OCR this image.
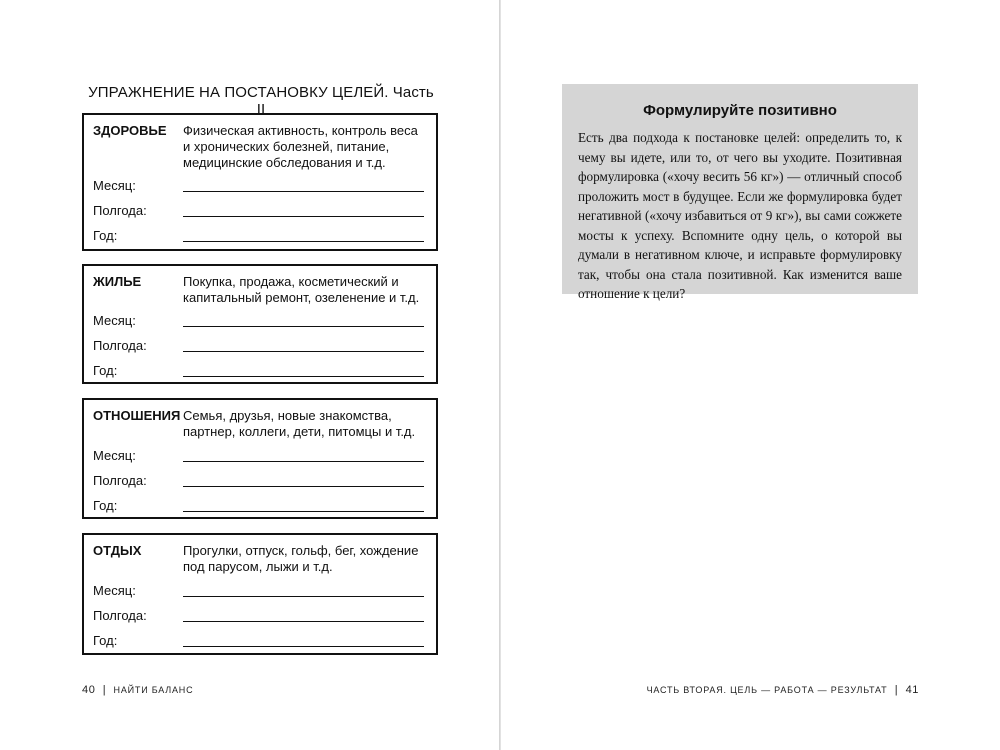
УПРАЖНЕНИЕ НА ПОСТАНОВКУ ЦЕЛЕЙ. Часть II
ЗДОРОВЬЕ Физическая активность, контроль веса и хронических болезней, питание, медицинские обследования и т.д.
Месяц:
Полгода:
Год:
ЖИЛЬЕ	Покупка, продажа, косметический и капитальный ремонт, озеленение и т.д.
Месяц:
Полгода:
Год:
ОТНОШЕНИЯ Семья, друзья, новые знакомства, партнер, коллеги, дети, питомцы и т.д.
Месяц:
Полгода:
Год:
ОТДЫХ	Прогулки, отпуск, гольф, бег, хождение под парусом, лыжи и т.д.
Месяц:
Полгода:
Год:
40 | НАЙТИ БАЛАНС
Формулируйте позитивно
Есть два подхода к постановке целей: определить то, к чему вы идете, или то, от чего вы уходите. Позитивная формулировка («хочу весить 56 кг») — отличный способ проложить мост в будущее. Если же формулировка будет негативной («хочу избавиться от 9 кг»), вы сами сожжете мосты к успеху. Вспомните одну цель, о которой вы думали в негативном ключе, и исправьте формулировку так, чтобы она стала позитивной. Как изменится ваше отношение к цели?
ЧАСТЬ ВТОРАЯ. ЦЕЛЬ — РАБОТА — РЕЗУЛЬТАТ | 41
